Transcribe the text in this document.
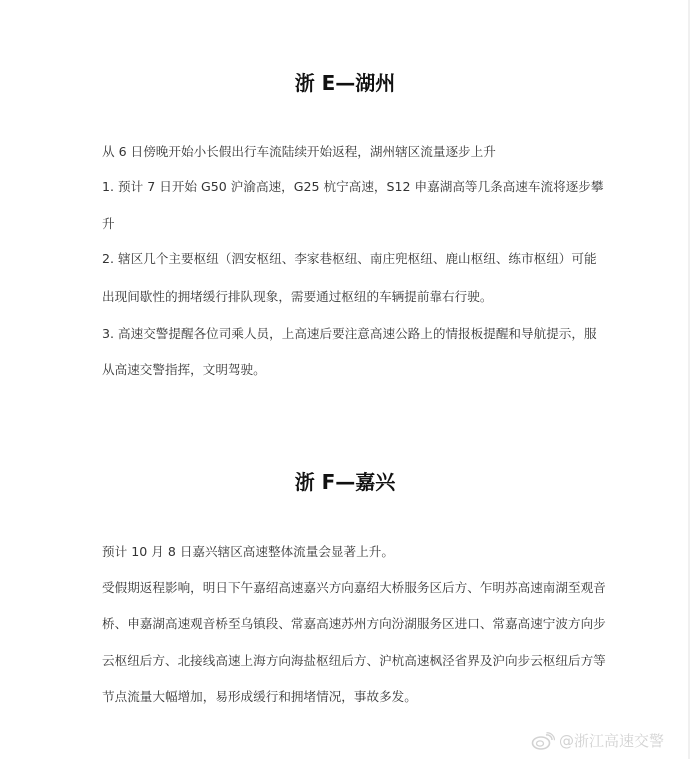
浙 E—湖州
从 6 日傍晚开始小长假出行车流陆续开始返程，湖州辖区流量逐步上升
1. 预计 7 日开始 G50 沪渝高速，G25 杭宁高速，S12 申嘉湖高等几条高速车流将逐步攀
升
2. 辖区几个主要枢纽（泗安枢纽、李家巷枢纽、南庄兜枢纽、鹿山枢纽、练市枢纽）可能
出现间歇性的拥堵缓行排队现象，需要通过枢纽的车辆提前靠右行驶。
3. 高速交警提醒各位司乘人员，上高速后要注意高速公路上的情报板提醒和导航提示，服
从高速交警指挥，文明驾驶。
浙 F—嘉兴
预计 10 月 8 日嘉兴辖区高速整体流量会显著上升。
受假期返程影响，明日下午嘉绍高速嘉兴方向嘉绍大桥服务区后方、乍明苏高速南湖至观音
桥、申嘉湖高速观音桥至乌镇段、常嘉高速苏州方向汾湖服务区进口、常嘉高速宁波方向步
云枢纽后方、北接线高速上海方向海盐枢纽后方、沪杭高速枫泾省界及沪向步云枢纽后方等
节点流量大幅增加，易形成缓行和拥堵情况，事故多发。
@浙江高速交警
